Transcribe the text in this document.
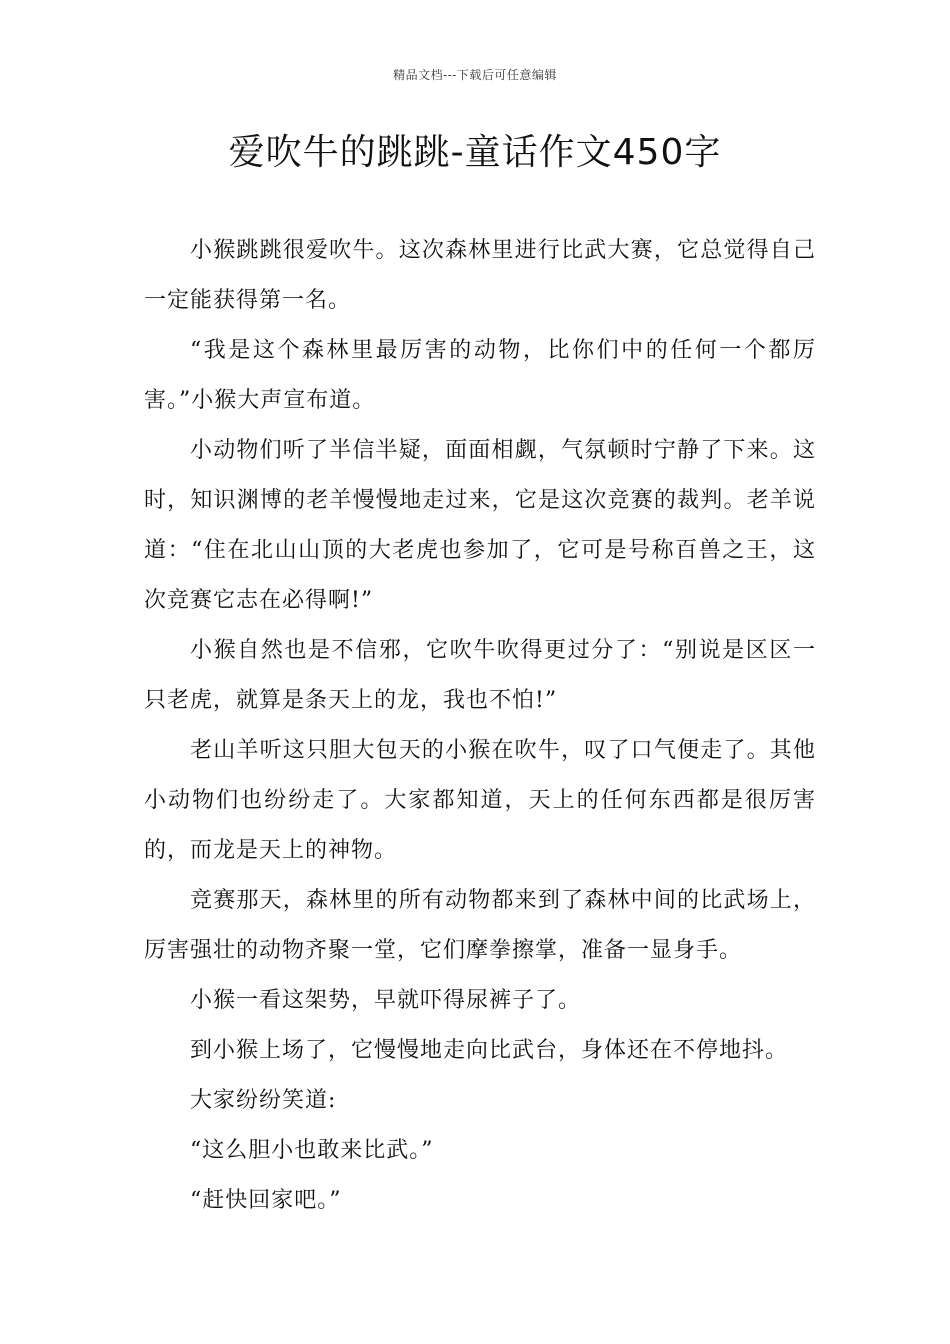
精品文档---下载后可任意编辑
爱吹牛的跳跳-童话作文450字

小猴跳跳很爱吹牛。这次森林里进行比武大赛，它总觉得自己一定能获得第一名。

“我是这个森林里最厉害的动物，比你们中的任何一个都厉害。”小猴大声宣布道。

小动物们听了半信半疑，面面相觑，气氛顿时宁静了下来。这时，知识渊博的老羊慢慢地走过来，它是这次竞赛的裁判。老羊说道：“住在北山山顶的大老虎也参加了，它可是号称百兽之王，这次竞赛它志在必得啊!”

小猴自然也是不信邪，它吹牛吹得更过分了：“别说是区区一只老虎，就算是条天上的龙，我也不怕!”

老山羊听这只胆大包天的小猴在吹牛，叹了口气便走了。其他小动物们也纷纷走了。大家都知道，天上的任何东西都是很厉害的，而龙是天上的神物。

竞赛那天，森林里的所有动物都来到了森林中间的比武场上，厉害强壮的动物齐聚一堂，它们摩拳擦掌，准备一显身手。

小猴一看这架势，早就吓得尿裤子了。

到小猴上场了，它慢慢地走向比武台，身体还在不停地抖。

大家纷纷笑道:

“这么胆小也敢来比武。”

“赶快回家吧。”
